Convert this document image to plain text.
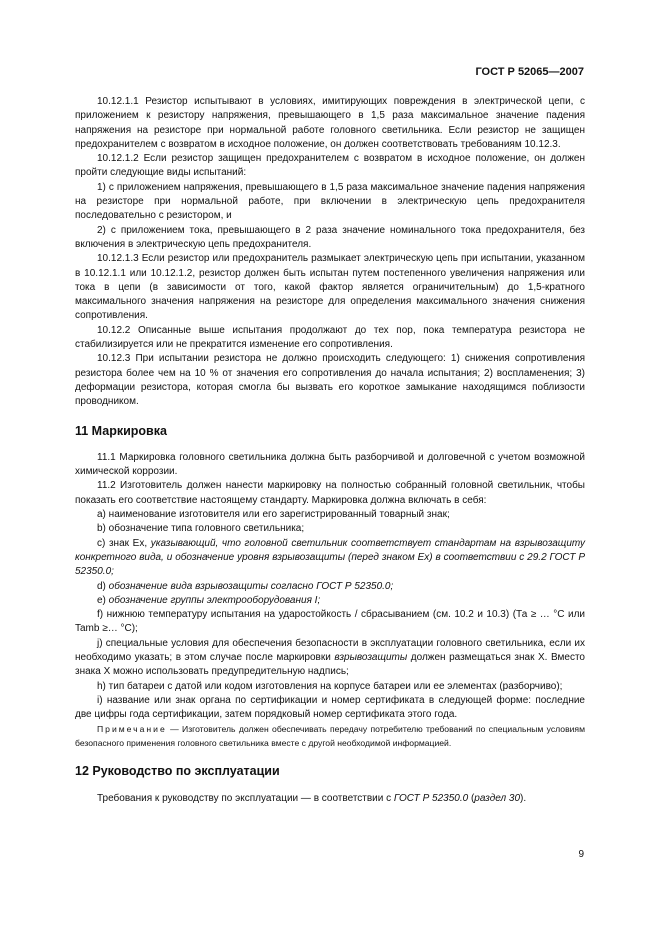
ГОСТ Р 52065—2007

10.12.1.1 Резистор испытывают в условиях, имитирующих повреждения в электрической цепи, с приложением к резистору напряжения, превышающего в 1,5 раза максимальное значение падения напряжения на резисторе при нормальной работе головного светильника. Если резистор не защищен предохранителем с возвратом в исходное положение, он должен соответствовать требованиям 10.12.3.

10.12.1.2 Если резистор защищен предохранителем с возвратом в исходное положение, он должен пройти следующие виды испытаний:

1) с приложением напряжения, превышающего в 1,5 раза максимальное значение падения напряжения на резисторе при нормальной работе, при включении в электрическую цепь предохранителя последовательно с резистором, и

2) с приложением тока, превышающего в 2 раза значение номинального тока предохранителя, без включения в электрическую цепь предохранителя.

10.12.1.3 Если резистор или предохранитель размыкает электрическую цепь при испытании, указанном в 10.12.1.1 или 10.12.1.2, резистор должен быть испытан путем постепенного увеличения напряжения или тока в цепи (в зависимости от того, какой фактор является ограничительным) до 1,5-кратного максимального значения напряжения на резисторе для определения максимального значения снижения сопротивления.

10.12.2 Описанные выше испытания продолжают до тех пор, пока температура резистора не стабилизируется или не прекратится изменение его сопротивления.

10.12.3 При испытании резистора не должно происходить следующего: 1) снижения сопротивления резистора более чем на 10 % от значения его сопротивления до начала испытания; 2) воспламенения; 3) деформации резистора, которая смогла бы вызвать его короткое замыкание находящимся поблизости проводником.

11 Маркировка

11.1 Маркировка головного светильника должна быть разборчивой и долговечной с учетом возможной химической коррозии.

11.2 Изготовитель должен нанести маркировку на полностью собранный головной светильник, чтобы показать его соответствие настоящему стандарту. Маркировка должна включать в себя:

а) наименование изготовителя или его зарегистрированный товарный знак;

b) обозначение типа головного светильника;

с) знак Ex, указывающий, что головной светильник соответствует стандартам на взрывозащиту конкретного вида, и обозначение уровня взрывозащиты (перед знаком Ех) в соответствии с 29.2 ГОСТ Р 52350.0;

d) обозначение вида взрывозащиты согласно ГОСТ Р 52350.0;

е) обозначение группы электрооборудования I;

f) нижнюю температуру испытания на ударостойкость / сбрасыванием (см. 10.2 и 10.3) (Та ≥ … °С или Tamb ≥… °С);

j) специальные условия для обеспечения безопасности в эксплуатации головного светильника, если их необходимо указать; в этом случае после маркировки взрывозащиты должен размещаться знак X. Вместо знака X можно использовать предупредительную надпись;

h) тип батареи с датой или кодом изготовления на корпусе батареи или ее элементах (разборчиво);

i) название или знак органа по сертификации и номер сертификата в следующей форме: последние две цифры года сертификации, затем порядковый номер сертификата этого года.

Примечание — Изготовитель должен обеспечивать передачу потребителю требований по специальным условиям безопасного применения головного светильника вместе с другой необходимой информацией.

12 Руководство по эксплуатации

Требования к руководству по эксплуатации — в соответствии с ГОСТ Р 52350.0 (раздел 30).

9
